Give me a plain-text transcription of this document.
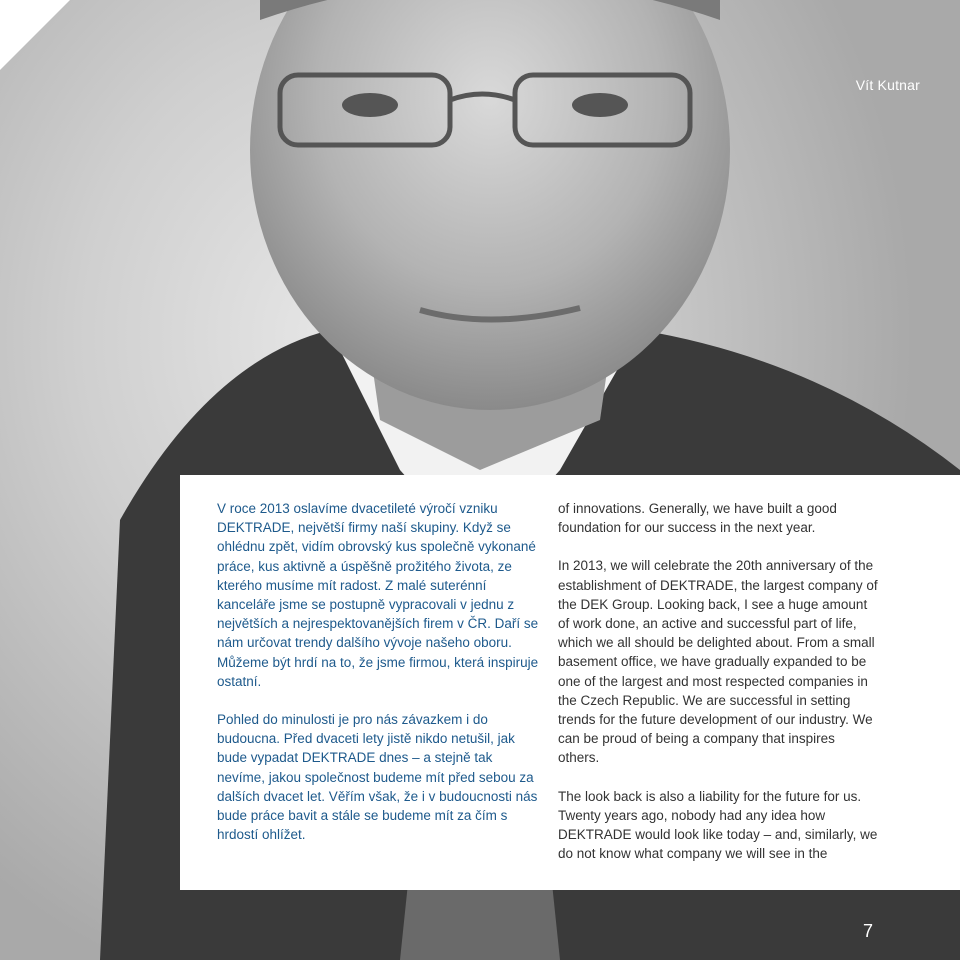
Vít Kutnar

V roce 2013 oslavíme dvacetileté výročí vzniku DEKTRADE, největší firmy naší skupiny. Když se ohlédnu zpět, vidím obrovský kus společně vykonané práce, kus aktivně a úspěšně prožitého života, ze kterého musíme mít radost. Z malé suterénní kanceláře jsme se postupně vypracovali v jednu z největších a nejrespektovanějších firem v ČR. Daří se nám určovat trendy dalšího vývoje našeho oboru. Můžeme být hrdí na to, že jsme firmou, která inspiruje ostatní.

Pohled do minulosti je pro nás závazkem i do budoucna. Před dvaceti lety jistě nikdo netušil, jak bude vypadat DEKTRADE dnes – a stejně tak nevíme, jakou společnost budeme mít před sebou za dalších dvacet let. Věřím však, že i v budoucnosti nás bude práce bavit a stále se budeme mít za čím s hrdostí ohlížet.

of innovations. Generally, we have built a good foundation for our success in the next year.

In 2013, we will celebrate the 20th anniversary of the establishment of DEKTRADE, the largest company of the DEK Group. Looking back, I see a huge amount of work done, an active and successful part of life, which we all should be delighted about. From a small basement office, we have gradually expanded to be one of the largest and most respected companies in the Czech Republic. We are successful in setting trends for the future development of our industry. We can be proud of being a company that inspires others.

The look back is also a liability for the future for us. Twenty years ago, nobody had any idea how DEKTRADE would look like today – and, similarly, we do not know what company we will see in the

7
